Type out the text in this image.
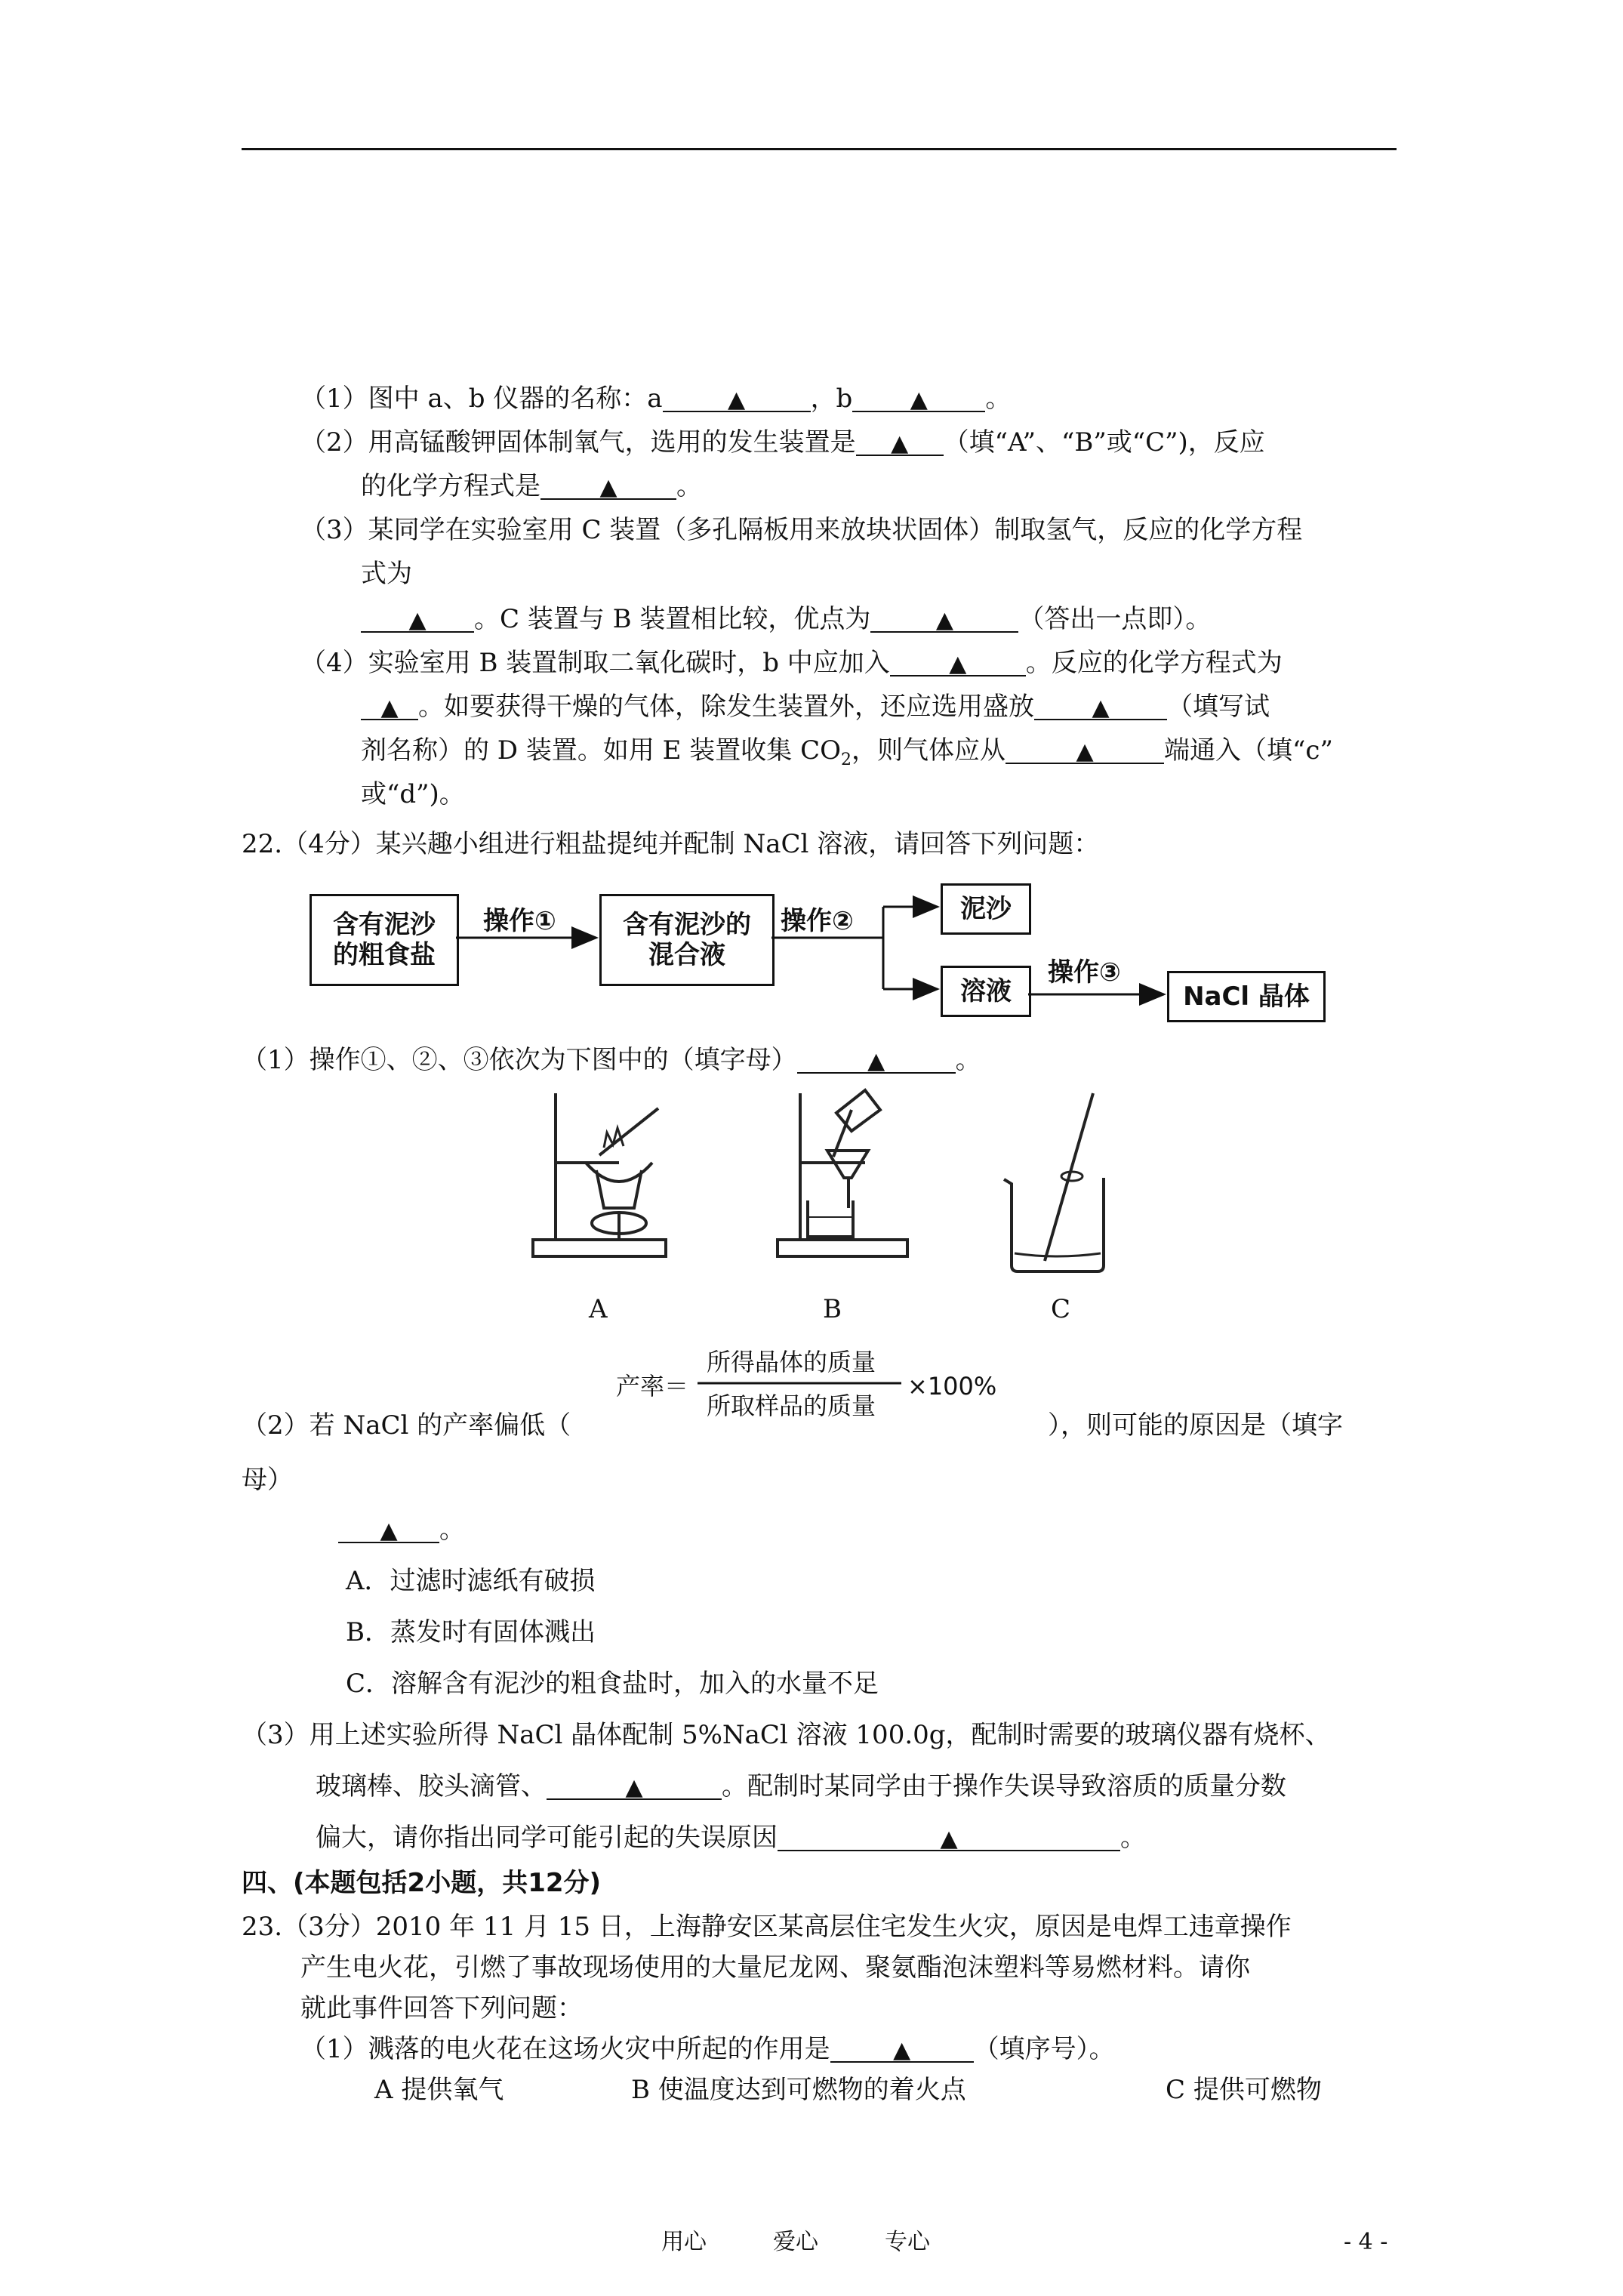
（1）图中 a、b 仪器的名称：a	▲	，b	▲ 。
（2）用高锰酸钾固体制氧气，选用的发生装置是 ▲ （填“A”、“B”或“C”)，反应
的化学方程式是	▲ 。
（3）某同学在实验室用 C 装置（多孔隔板用来放块状固体）制取氢气，反应的化学方程
式为
▲ 。C 装置与 B 装置相比较，优点为	▲	（答出一点即）。
（4）实验室用 B 装置制取二氧化碳时，b 中应加入	▲ 。反应的化学方程式为
▲ 。如要获得干燥的气体，除发生装置外，还应选用盛放	▲ （填写试
剂名称）的 D 装置。如用 E 装置收集 $CO_2$，则气体应从	▲	端通入（填“c”
或“d”)。
22.（4分）某兴趣小组进行粗盐提纯并配制 NaCl 溶液，请回答下列问题：
含有泥沙
的粗食盐
含有泥沙的
混合液
泥沙
溶液	NaCl 晶体
操作①	操作②
操作③
（1）操作①、②、③依次为下图中的（填字母）	▲	。
A	B	C
产率＝
所得晶体的质量
所取样品的质量
×100%
（2）若 NaCl 的产率偏低（	），则可能的原因是（填字
母）
▲ 。
A．过滤时滤纸有破损
B．蒸发时有固体溅出
C．溶解含有泥沙的粗食盐时，加入的水量不足
（3）用上述实验所得 NaCl 晶体配制 5%NaCl 溶液 100.0g，配制时需要的玻璃仪器有烧杯、
玻璃棒、胶头滴管、	▲	。配制时某同学由于操作失误导致溶质的质量分数
偏大，请你指出同学可能引起的失误原因	▲	。
四、(本题包括2小题，共12分)
23.（3分）2010 年 11 月 15 日，上海静安区某高层住宅发生火灾，原因是电焊工违章操作
产生电火花，引燃了事故现场使用的大量尼龙网、聚氨酯泡沫塑料等易燃材料。请你
就此事件回答下列问题：
（1）溅落的电火花在这场火灾中所起的作用是	▲ （填序号）。
A 提供氧气	B 使温度达到可燃物的着火点	C 提供可燃物
用心	爱心	专心	- 4 -
